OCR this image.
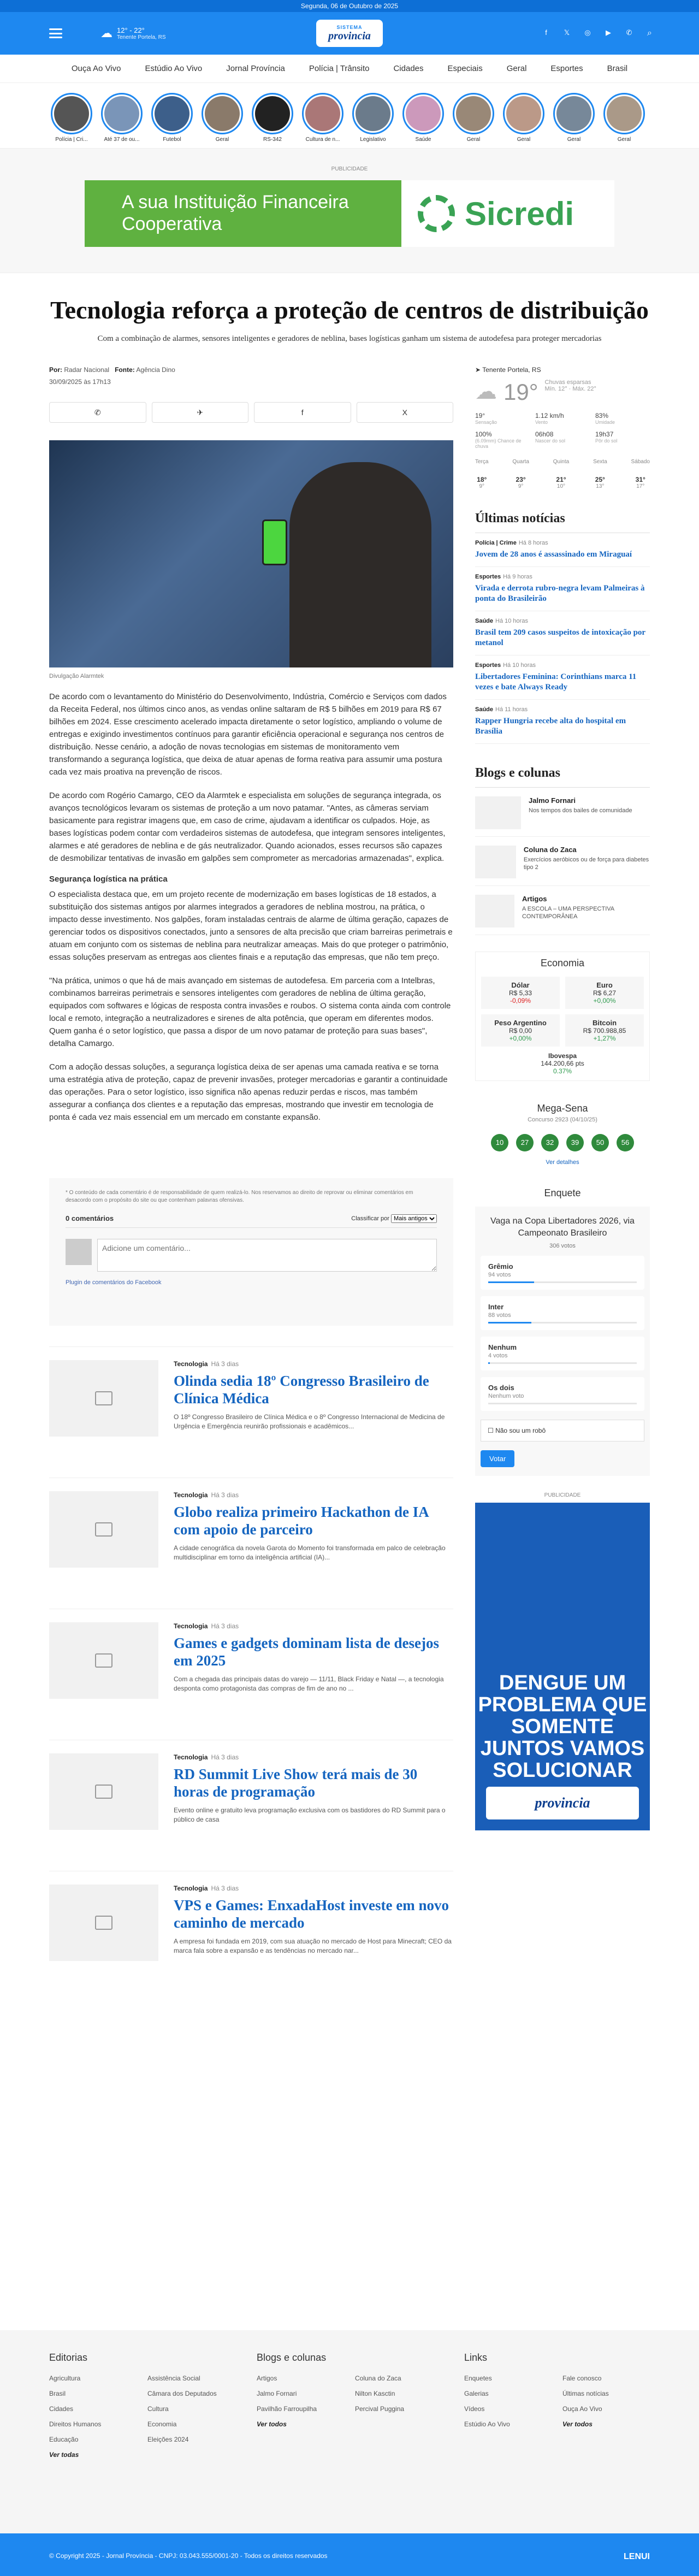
Segunda, 06 de Outubro de 2025
☁ 12° - 22°
Tenente Portela, RS
SISTEMA
provincia	f	𝕏 ◎ ▶ ✆ ⌕
Ouça Ao Vivo	Estúdio Ao Vivo	Jornal Província	Polícia | Trânsito	Cidades	Especiais	Geral	Esportes	Brasil
Polícia | Cri...	Até 37 de ou...	Futebol	Geral	RS-342	Cultura de n...	Legislativo	Saúde	Geral	Geral	Geral	Geral
PUBLICIDADE
A sua Instituição Financeira Cooperativa	Sicredi
Tecnologia reforça a proteção de centros de distribuição

Com a combinação de alarmes, sensores inteligentes e geradores de neblina, bases logísticas ganham um sistema de autodefesa para proteger mercadorias

Por: Radar Nacional Fonte: Agência Dino
30/09/2025 às 17h13
✆	✈	f	X
Divulgação Alarmtek

De acordo com o levantamento do Ministério do Desenvolvimento, Indústria, Comércio e Serviços com dados da Receita Federal, nos últimos cinco anos, as vendas online saltaram de R$ 5 bilhões em 2019 para R$ 67 bilhões em 2024. Esse crescimento acelerado impacta diretamente o setor logístico, ampliando o volume de entregas e exigindo investimentos contínuos para garantir eficiência operacional e segurança nos centros de distribuição. Nesse cenário, a adoção de novas tecnologias em sistemas de monitoramento vem transformando a segurança logística, que deixa de atuar apenas de forma reativa para assumir uma postura cada vez mais proativa na prevenção de riscos.

De acordo com Rogério Camargo, CEO da Alarmtek e especialista em soluções de segurança integrada, os avanços tecnológicos levaram os sistemas de proteção a um novo patamar. "Antes, as câmeras serviam basicamente para registrar imagens que, em caso de crime, ajudavam a identificar os culpados. Hoje, as bases logísticas podem contar com verdadeiros sistemas de autodefesa, que integram sensores inteligentes, alarmes e até geradores de neblina e de gás neutralizador. Quando acionados, esses recursos são capazes de desmobilizar tentativas de invasão em galpões sem comprometer as mercadorias armazenadas", explica.

Segurança logística na prática

O especialista destaca que, em um projeto recente de modernização em bases logísticas de 18 estados, a substituição dos sistemas antigos por alarmes integrados a geradores de neblina mostrou, na prática, o impacto desse investimento. Nos galpões, foram instaladas centrais de alarme de última geração, capazes de gerenciar todos os dispositivos conectados, junto a sensores de alta precisão que criam barreiras perimetrais e atuam em conjunto com os sistemas de neblina para neutralizar ameaças. Mais do que proteger o patrimônio, essas soluções preservam as entregas aos clientes finais e a reputação das empresas, que não tem preço.

"Na prática, unimos o que há de mais avançado em sistemas de autodefesa. Em parceria com a Intelbras, combinamos barreiras perimetrais e sensores inteligentes com geradores de neblina de última geração, equipados com softwares e lógicas de resposta contra invasões e roubos. O sistema conta ainda com controle local e remoto, integração a neutralizadores e sirenes de alta potência, que operam em diferentes modos. Quem ganha é o setor logístico, que passa a dispor de um novo patamar de proteção para suas bases", detalha Camargo.

Com a adoção dessas soluções, a segurança logística deixa de ser apenas uma camada reativa e se torna uma estratégia ativa de proteção, capaz de prevenir invasões, proteger mercadorias e garantir a continuidade das operações. Para o setor logístico, isso significa não apenas reduzir perdas e riscos, mas também assegurar a confiança dos clientes e a reputação das empresas, mostrando que investir em tecnologia de ponta é cada vez mais essencial em um mercado em constante expansão.

* O conteúdo de cada comentário é de responsabilidade de quem realizá-lo. Nos reservamos ao direito de reprovar ou eliminar comentários em desacordo com o propósito do site ou que contenham palavras ofensivas.
0 comentários	Classificar por
Mais antigos
Adicione um comentário...
Plugin de comentários do Facebook
Tecnologia Há 3 dias
Olinda sedia 18º Congresso Brasileiro de Clínica Médica

O 18º Congresso Brasileiro de Clínica Médica e o 8º Congresso Internacional de Medicina de Urgência e Emergência reunirão profissionais e acadêmicos...

Tecnologia Há 3 dias
Globo realiza primeiro Hackathon de IA com apoio de parceiro

A cidade cenográfica da novela Garota do Momento foi transformada em palco de celebração multidisciplinar em torno da inteligência artificial (IA)...

Tecnologia Há 3 dias
Games e gadgets dominam lista de desejos em 2025

Com a chegada das principais datas do varejo — 11/11, Black Friday e Natal —, a tecnologia desponta como protagonista das compras de fim de ano no ...

Tecnologia Há 3 dias
RD Summit Live Show terá mais de 30 horas de programação

Evento online e gratuito leva programação exclusiva com os bastidores do RD Summit para o público de casa

Tecnologia Há 3 dias
VPS e Games: EnxadaHost investe em novo caminho de mercado

A empresa foi fundada em 2019, com sua atuação no mercado de Host para Minecraft; CEO da marca fala sobre a expansão e as tendências no mercado nar...

➤ Tenente Portela, RS
☁ 19° Chuvas esparsas
Mín. 12° · Máx. 22°
19°
Sensação
1.12 km/h
Vento
83%
Umidade
100%
(6.09mm) Chance de chuva
06h08
Nascer do sol
19h37
Pôr do sol
Terça
18°
9°
Quarta
23°
9°
Quinta
21°
10°
Sexta
25°
13°
Sábado
31°
17°
Últimas notícias
Polícia | Crime Há 8 horas
Jovem de 28 anos é assassinado em Miraguaí
Esportes Há 9 horas
Virada e derrota rubro-negra levam Palmeiras à ponta do Brasileirão
Saúde Há 10 horas
Brasil tem 209 casos suspeitos de intoxicação por metanol
Esportes Há 10 horas
Libertadores Feminina: Corinthians marca 11 vezes e bate Always Ready
Saúde Há 11 horas
Rapper Hungria recebe alta do hospital em Brasília
Blogs e colunas
Jalmo Fornari
Nos tempos dos bailes de comunidade
Coluna do Zaca
Exercícios aeróbicos ou de força para diabetes tipo 2
Artigos
A ESCOLA – UMA PERSPECTIVA CONTEMPORÂNEA
Economia
Dólar
R$ 5,33
-0,09%
Euro
R$ 6,27
+0,00%
Peso Argentino
R$ 0,00
+0,00%
Bitcoin
R$ 700.988,85
+1,27%
Ibovespa
144.200,66 pts
0.37%
Mega-Sena
Concurso 2923 (04/10/25)
10	27	32	39	50	56
Ver detalhes
Enquete
Vaga na Copa Libertadores 2026, via Campeonato Brasileiro
306 votos
Grêmio
94 votos
Inter
88 votos
Nenhum
4 votos
Os dois
Nenhum voto
☐ Não sou um robô
Votar
PUBLICIDADE
DENGUE UM PROBLEMA QUE SOMENTE JUNTOS VAMOS SOLUCIONAR
provincia
Editorias
Agricultura	Assistência Social
Brasil	Câmara dos Deputados
Cidades	Cultura
Direitos Humanos	Economia
Educação	Eleições 2024
Ver todas
Blogs e colunas
Artigos	Coluna do Zaca
Jalmo Fornari	Nilton Kasctin
Pavilhão Farroupilha	Percival Puggina
Ver todos
Links
Enquetes	Fale conosco
Galerias	Últimas notícias
Vídeos	Ouça Ao Vivo
Estúdio Ao Vivo	Ver todos
© Copyright 2025 - Jornal Província - CNPJ: 03.043.555/0001-20 - Todos os direitos reservados	LENUI
